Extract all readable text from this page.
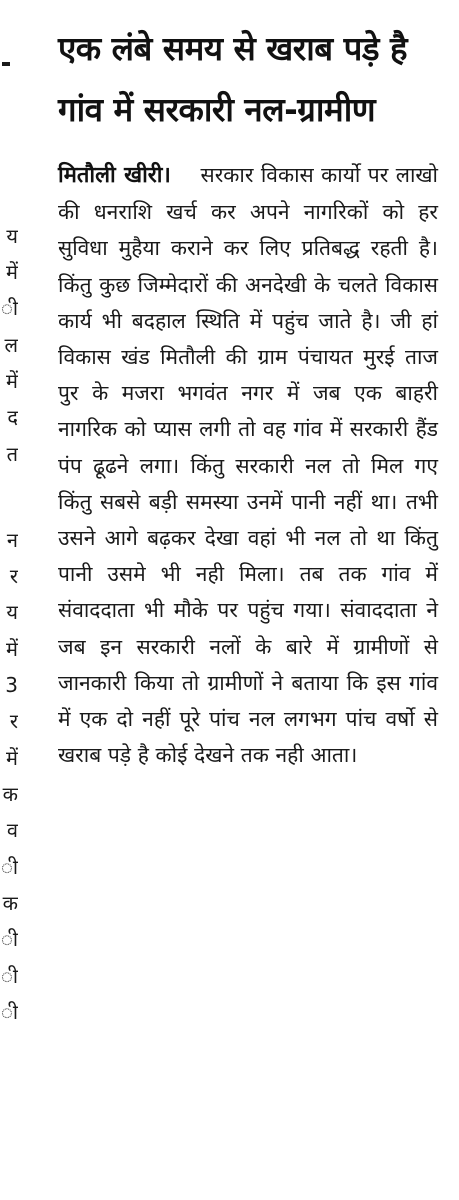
य
में
ी
ल
में
द
त
न
र
य
में
3
र
में
क
व
ी
क
ी
ी
ी
एक लंबे समय से खराब पड़े है गांव में सरकारी नल-ग्रामीण

मितौली खीरी। सरकार विकास कार्यो पर लाखो की धनराशि खर्च कर अपने नागरिकों को हर सुविधा मुहैया कराने कर लिए प्रतिबद्ध रहती है। किंतु कुछ जिम्मेदारों की अनदेखी के चलते विकास कार्य भी बदहाल स्थिति में पहुंच जाते है। जी हां विकास खंड मितौली की ग्राम पंचायत मुरई ताज पुर के मजरा भगवंत नगर में जब एक बाहरी नागरिक को प्यास लगी तो वह गांव में सरकारी हैंड पंप ढूढने लगा। किंतु सरकारी नल तो मिल गए किंतु सबसे बड़ी समस्या उनमें पानी नहीं था। तभी उसने आगे बढ़कर देखा वहां भी नल तो था किंतु पानी उसमे भी नही मिला। तब तक गांव में संवाददाता भी मौके पर पहुंच गया। संवाददाता ने जब इन सरकारी नलों के बारे में ग्रामीणों से जानकारी किया तो ग्रामीणों ने बताया कि इस गांव में एक दो नहीं पूरे पांच नल लगभग पांच वर्षो से खराब पड़े है कोई देखने तक नही आता।
